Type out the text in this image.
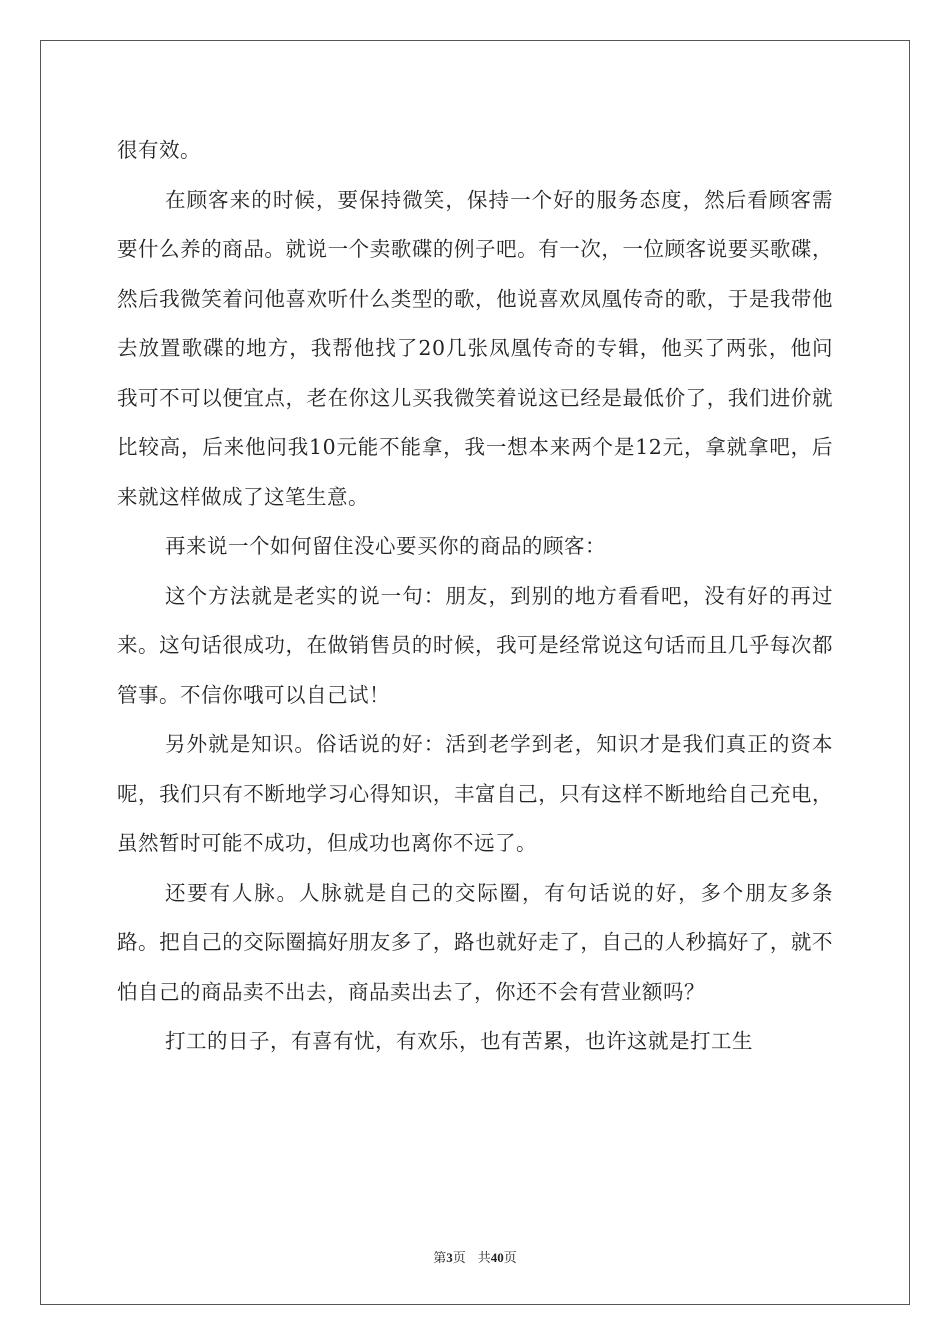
很有效。

在顾客来的时候，要保持微笑，保持一个好的服务态度，然后看顾客需要什么养的商品。就说一个卖歌碟的例子吧。有一次，一位顾客说要买歌碟，然后我微笑着问他喜欢听什么类型的歌，他说喜欢凤凰传奇的歌，于是我带他去放置歌碟的地方，我帮他找了20几张凤凰传奇的专辑，他买了两张，他问我可不可以便宜点，老在你这儿买我微笑着说这已经是最低价了，我们进价就比较高，后来他问我10元能不能拿，我一想本来两个是12元，拿就拿吧，后来就这样做成了这笔生意。

再来说一个如何留住没心要买你的商品的顾客：

这个方法就是老实的说一句：朋友，到别的地方看看吧，没有好的再过来。这句话很成功，在做销售员的时候，我可是经常说这句话而且几乎每次都管事。不信你哦可以自己试！

另外就是知识。俗话说的好：活到老学到老，知识才是我们真正的资本呢，我们只有不断地学习心得知识，丰富自己，只有这样不断地给自己充电，虽然暂时可能不成功，但成功也离你不远了。

还要有人脉。人脉就是自己的交际圈，有句话说的好，多个朋友多条路。把自己的交际圈搞好朋友多了，路也就好走了，自己的人秒搞好了，就不怕自己的商品卖不出去，商品卖出去了，你还不会有营业额吗？

打工的日子，有喜有忧，有欢乐，也有苦累，也许这就是打工生

第3页 共40页
